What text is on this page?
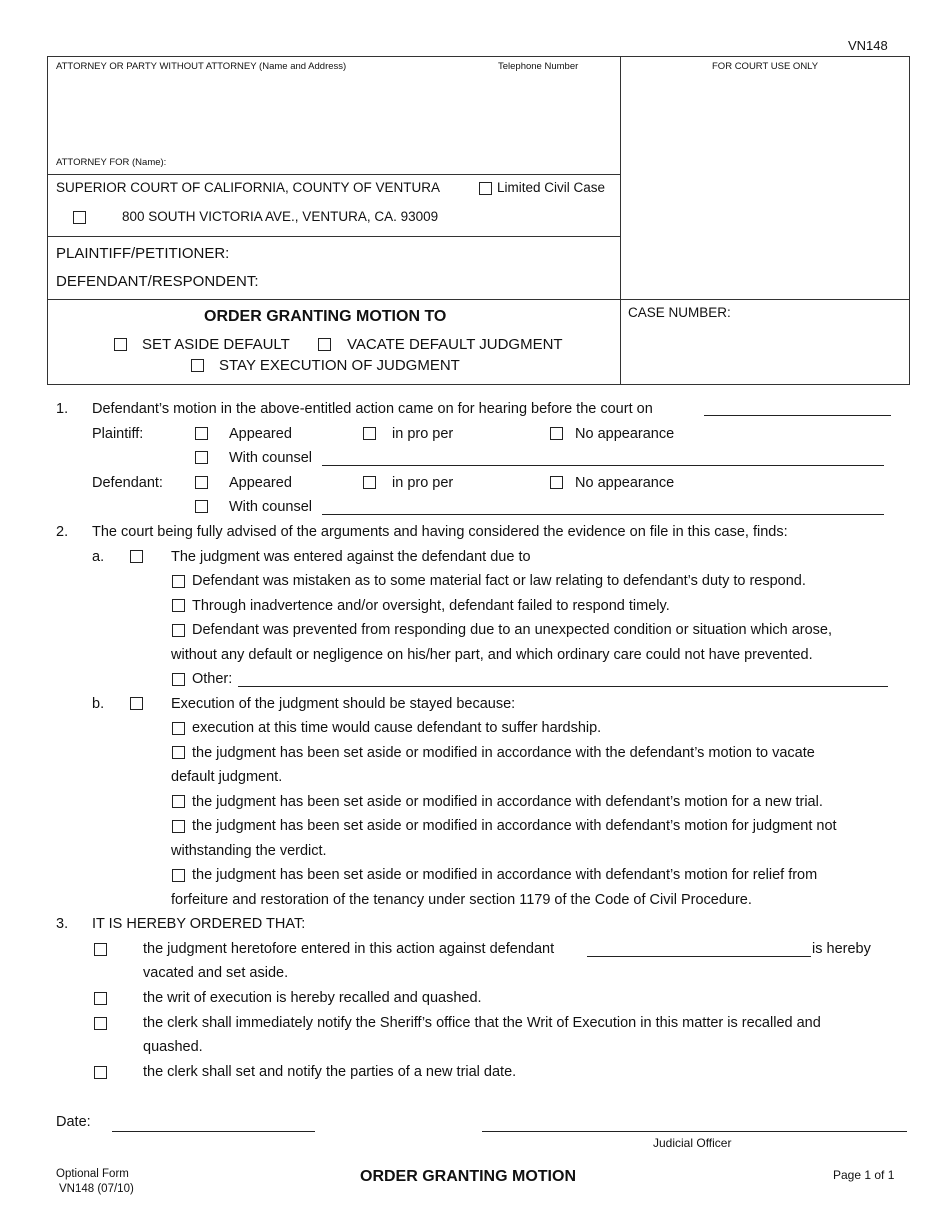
VN148
ATTORNEY OR PARTY WITHOUT ATTORNEY (Name and Address)	Telephone Number	FOR COURT USE ONLY
ATTORNEY FOR (Name):
SUPERIOR COURT OF CALIFORNIA, COUNTY OF VENTURA	Limited Civil Case
800 SOUTH VICTORIA AVE., VENTURA, CA. 93009
PLAINTIFF/PETITIONER:
DEFENDANT/RESPONDENT:
ORDER GRANTING MOTION TO
SET ASIDE DEFAULT	VACATE DEFAULT JUDGMENT
STAY EXECUTION OF JUDGMENT
CASE NUMBER:
1. Defendant’s motion in the above-entitled action came on for hearing before the court on
Plaintiff:	Appeared	in pro per	No appearance
With counsel
Defendant:	Appeared	in pro per	No appearance
With counsel
2. The court being fully advised of the arguments and having considered the evidence on file in this case, finds:
a.	The judgment was entered against the defendant due to
Defendant was mistaken as to some material fact or law relating to defendant’s duty to respond.
Through inadvertence and/or oversight, defendant failed to respond timely.
Defendant was prevented from responding due to an unexpected condition or situation which arose,
without any default or negligence on his/her part, and which ordinary care could not have prevented.
Other:
b.	Execution of the judgment should be stayed because:
execution at this time would cause defendant to suffer hardship.
the judgment has been set aside or modified in accordance with the defendant’s motion to vacate
default judgment.
the judgment has been set aside or modified in accordance with defendant’s motion for a new trial.
the judgment has been set aside or modified in accordance with defendant’s motion for judgment not
withstanding the verdict.
the judgment has been set aside or modified in accordance with defendant’s motion for relief from
forfeiture and restoration of the tenancy under section 1179 of the Code of Civil Procedure.
3. IT IS HEREBY ORDERED THAT:
the judgment heretofore entered in this action against defendant	is hereby
vacated and set aside.
the writ of execution is hereby recalled and quashed.
the clerk shall immediately notify the Sheriff’s office that the Writ of Execution in this matter is recalled and
quashed.
the clerk shall set and notify the parties of a new trial date.
Date:
Judicial Officer
Optional Form
VN148 (07/10)
ORDER GRANTING MOTION	Page 1 of 1
